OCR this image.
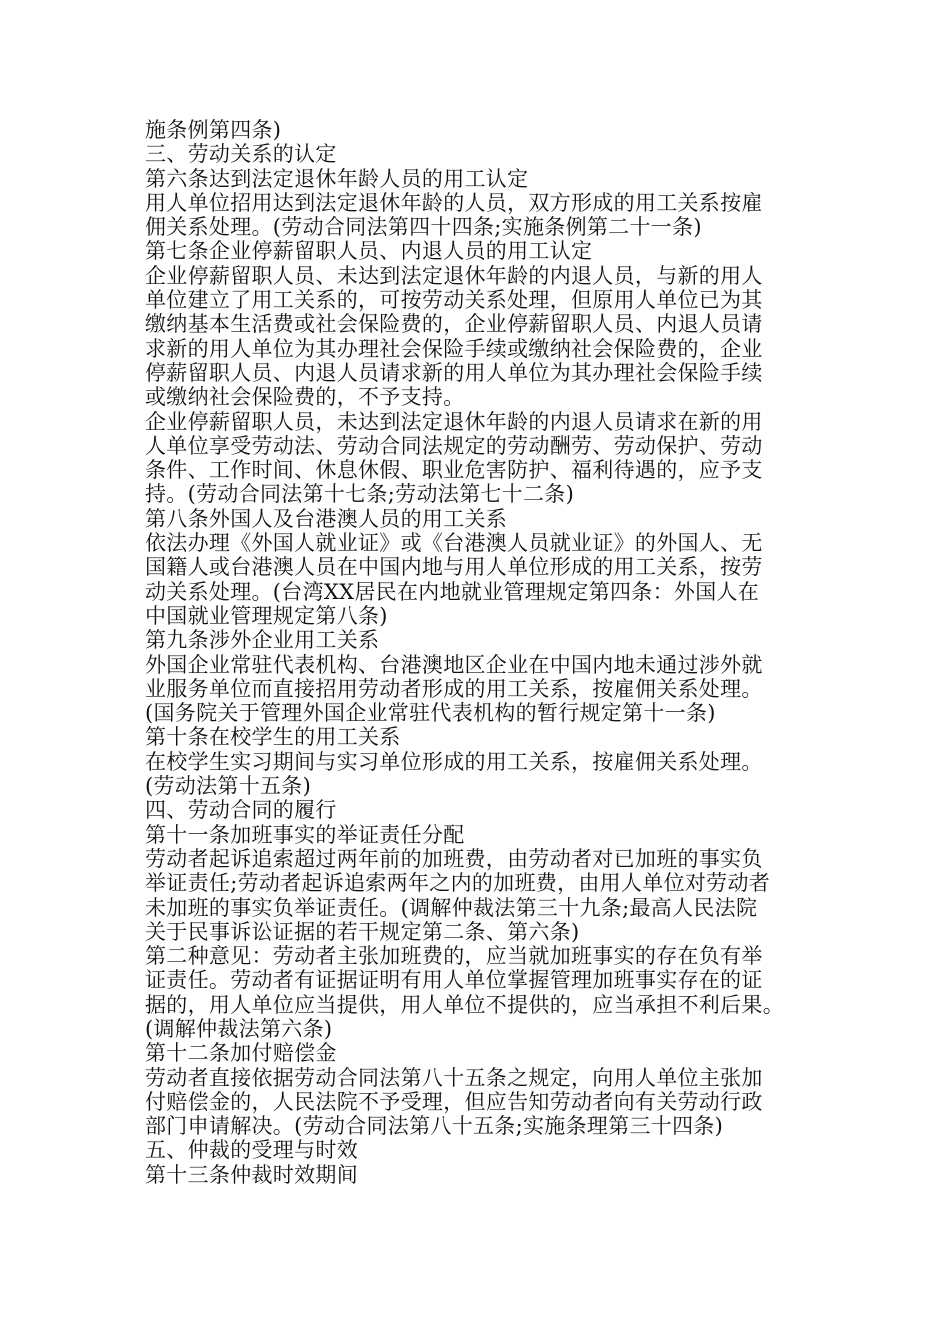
施条例第四条)
三、劳动关系的认定
第六条达到法定退休年龄人员的用工认定
用人单位招用达到法定退休年龄的人员，双方形成的用工关系按雇
佣关系处理。(劳动合同法第四十四条;实施条例第二十一条)
第七条企业停薪留职人员、内退人员的用工认定
企业停薪留职人员、未达到法定退休年龄的内退人员，与新的用人
单位建立了用工关系的，可按劳动关系处理，但原用人单位已为其
缴纳基本生活费或社会保险费的，企业停薪留职人员、内退人员请
求新的用人单位为其办理社会保险手续或缴纳社会保险费的，企业
停薪留职人员、内退人员请求新的用人单位为其办理社会保险手续
或缴纳社会保险费的，不予支持。
企业停薪留职人员，未达到法定退休年龄的内退人员请求在新的用
人单位享受劳动法、劳动合同法规定的劳动酬劳、劳动保护、劳动
条件、工作时间、休息休假、职业危害防护、福利待遇的，应予支
持。(劳动合同法第十七条;劳动法第七十二条)
第八条外国人及台港澳人员的用工关系
依法办理《外国人就业证》或《台港澳人员就业证》的外国人、无
国籍人或台港澳人员在中国内地与用人单位形成的用工关系，按劳
动关系处理。(台湾XX居民在内地就业管理规定第四条：外国人在
中国就业管理规定第八条)
第九条涉外企业用工关系
外国企业常驻代表机构、台港澳地区企业在中国内地未通过涉外就
业服务单位而直接招用劳动者形成的用工关系，按雇佣关系处理。
(国务院关于管理外国企业常驻代表机构的暂行规定第十一条)
第十条在校学生的用工关系
在校学生实习期间与实习单位形成的用工关系，按雇佣关系处理。
(劳动法第十五条)
四、劳动合同的履行
第十一条加班事实的举证责任分配
劳动者起诉追索超过两年前的加班费，由劳动者对已加班的事实负
举证责任;劳动者起诉追索两年之内的加班费，由用人单位对劳动者
未加班的事实负举证责任。(调解仲裁法第三十九条;最高人民法院
关于民事诉讼证据的若干规定第二条、第六条)
第二种意见：劳动者主张加班费的，应当就加班事实的存在负有举
证责任。劳动者有证据证明有用人单位掌握管理加班事实存在的证
据的，用人单位应当提供，用人单位不提供的，应当承担不利后果。
(调解仲裁法第六条)
第十二条加付赔偿金
劳动者直接依据劳动合同法第八十五条之规定，向用人单位主张加
付赔偿金的，人民法院不予受理，但应告知劳动者向有关劳动行政
部门申请解决。(劳动合同法第八十五条;实施条理第三十四条)
五、仲裁的受理与时效
第十三条仲裁时效期间
